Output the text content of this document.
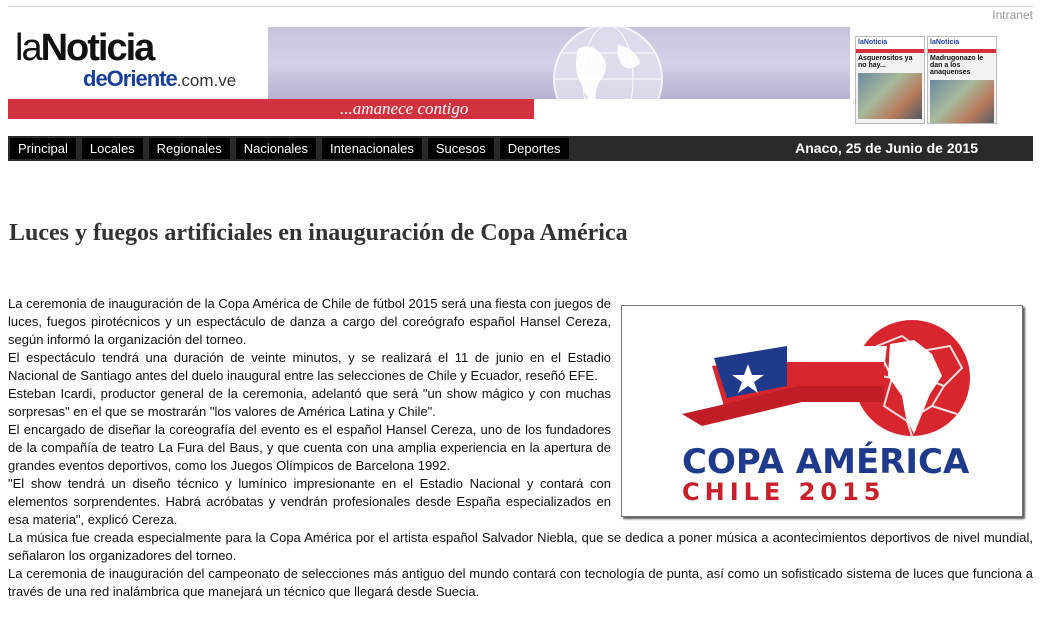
Intranet
laNoticia
deOriente.com.ve
...amanece contigo
laNoticia
Asquerositos ya no hay...
laNoticia
Madrugonazo le dan a los anaquenses
Principal	Locales	Regionales	Nacionales	Intenacionales	Sucesos	Deportes	Anaco, 25 de Junio de 2015
Luces y fuegos artificiales en inauguración de Copa América
COPA AMÉRICA
CHILE 2015

La ceremonia de inauguración de la Copa América de Chile de fútbol 2015 será una fiesta con juegos de luces, fuegos pirotécnicos y un espectáculo de danza a cargo del coreógrafo español Hansel Cereza, según informó la organización del torneo.

El espectáculo tendrá una duración de veinte minutos, y se realizará el 11 de junio en el Estadio Nacional de Santiago antes del duelo inaugural entre las selecciones de Chile y Ecuador, reseñó EFE.

Esteban Icardi, productor general de la ceremonia, adelantó que será "un show mágico y con muchas sorpresas" en el que se mostrarán "los valores de América Latina y Chile".

El encargado de diseñar la coreografía del evento es el español Hansel Cereza, uno de los fundadores de la compañía de teatro La Fura del Baus, y que cuenta con una amplia experiencia en la apertura de grandes eventos deportivos, como los Juegos Olímpicos de Barcelona 1992.

"El show tendrá un diseño técnico y lumínico impresionante en el Estadio Nacional y contará con elementos sorprendentes. Habrá acróbatas y vendrán profesionales desde España especializados en esa materia", explicó Cereza.

La música fue creada especialmente para la Copa América por el artista español Salvador Niebla, que se dedica a poner música a acontecimientos deportivos de nivel mundial, señalaron los organizadores del torneo.

La ceremonia de inauguración del campeonato de selecciones más antiguo del mundo contará con tecnología de punta, así como un sofisticado sistema de luces que funciona a través de una red inalámbrica que manejará un técnico que llegará desde Suecia.
